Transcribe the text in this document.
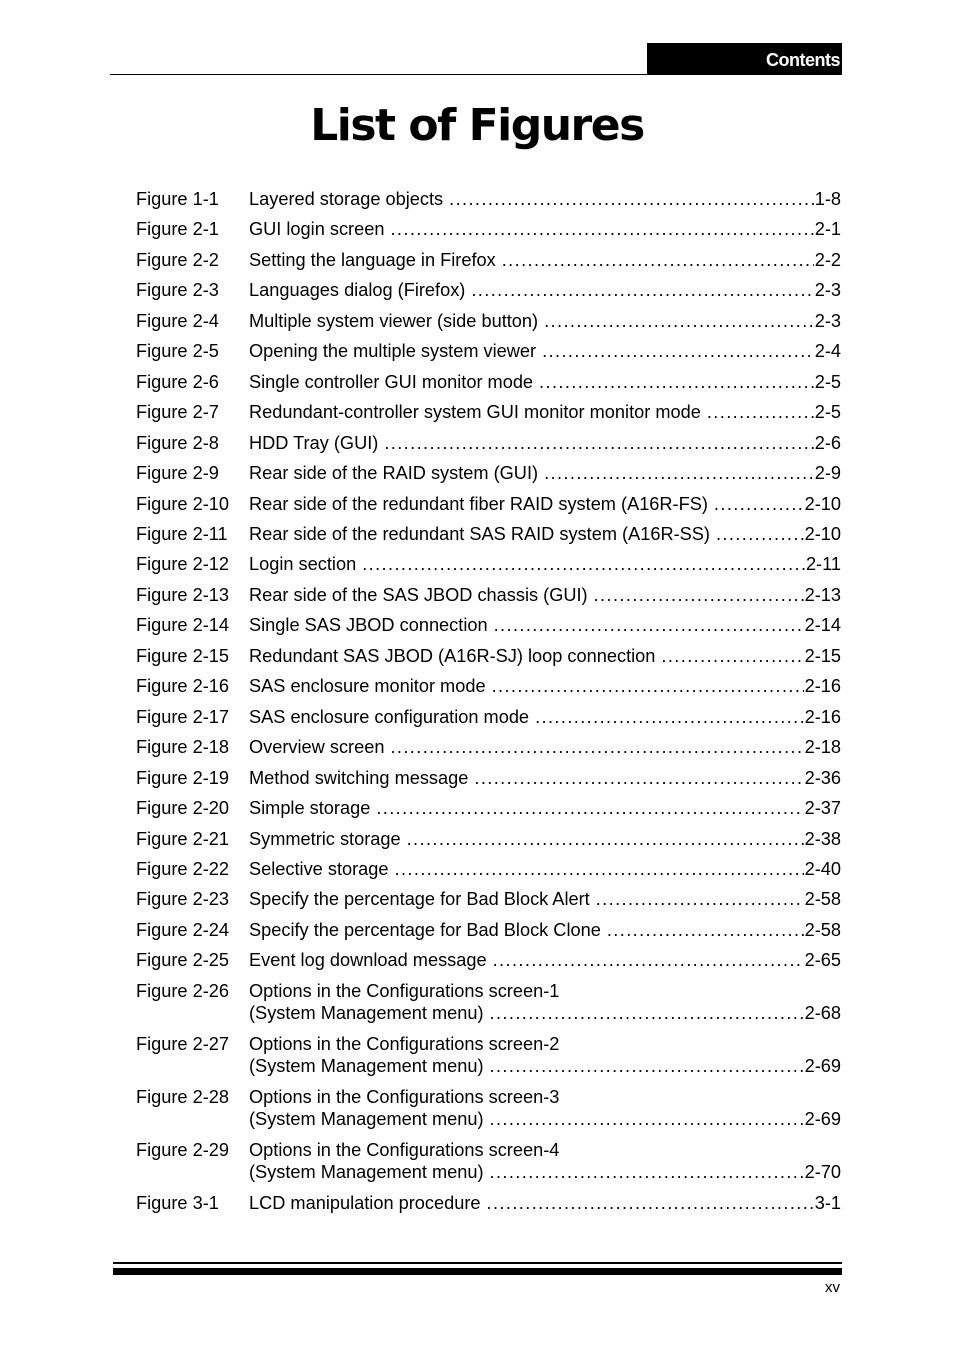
Contents
List of Figures
Figure 1-1	Layered storage objects .....	1-8
Figure 2-1	GUI login screen .....	2-1
Figure 2-2	Setting the language in Firefox .....	2-2
Figure 2-3	Languages dialog (Firefox) .....	2-3
Figure 2-4	Multiple system viewer (side button) .....	2-3
Figure 2-5	Opening the multiple system viewer .....	2-4
Figure 2-6	Single controller GUI monitor mode .....	2-5
Figure 2-7	Redundant-controller system GUI monitor monitor mode .....	2-5
Figure 2-8	HDD Tray (GUI) .....	2-6
Figure 2-9	Rear side of the RAID system (GUI) .....	2-9
Figure 2-10	Rear side of the redundant fiber RAID system (A16R-FS) .....	2-10
Figure 2-11	Rear side of the redundant SAS RAID system (A16R-SS) .....	2-10
Figure 2-12	Login section .....	2-11
Figure 2-13	Rear side of the SAS JBOD chassis (GUI) .....	2-13
Figure 2-14	Single SAS JBOD connection .....	2-14
Figure 2-15	Redundant SAS JBOD (A16R-SJ) loop connection .....	2-15
Figure 2-16	SAS enclosure monitor mode .....	2-16
Figure 2-17	SAS enclosure configuration mode .....	2-16
Figure 2-18	Overview screen .....	2-18
Figure 2-19	Method switching message .....	2-36
Figure 2-20	Simple storage .....	2-37
Figure 2-21	Symmetric storage .....	2-38
Figure 2-22	Selective storage .....	2-40
Figure 2-23	Specify the percentage for Bad Block Alert .....	2-58
Figure 2-24	Specify the percentage for Bad Block Clone .....	2-58
Figure 2-25	Event log download message .....	2-65
Figure 2-26	Options in the Configurations screen-1
(System Management menu) .....	2-68
Figure 2-27	Options in the Configurations screen-2
(System Management menu) .....	2-69
Figure 2-28	Options in the Configurations screen-3
(System Management menu) .....	2-69
Figure 2-29	Options in the Configurations screen-4
(System Management menu) .....	2-70
Figure 3-1	LCD manipulation procedure .....	3-1
xv
